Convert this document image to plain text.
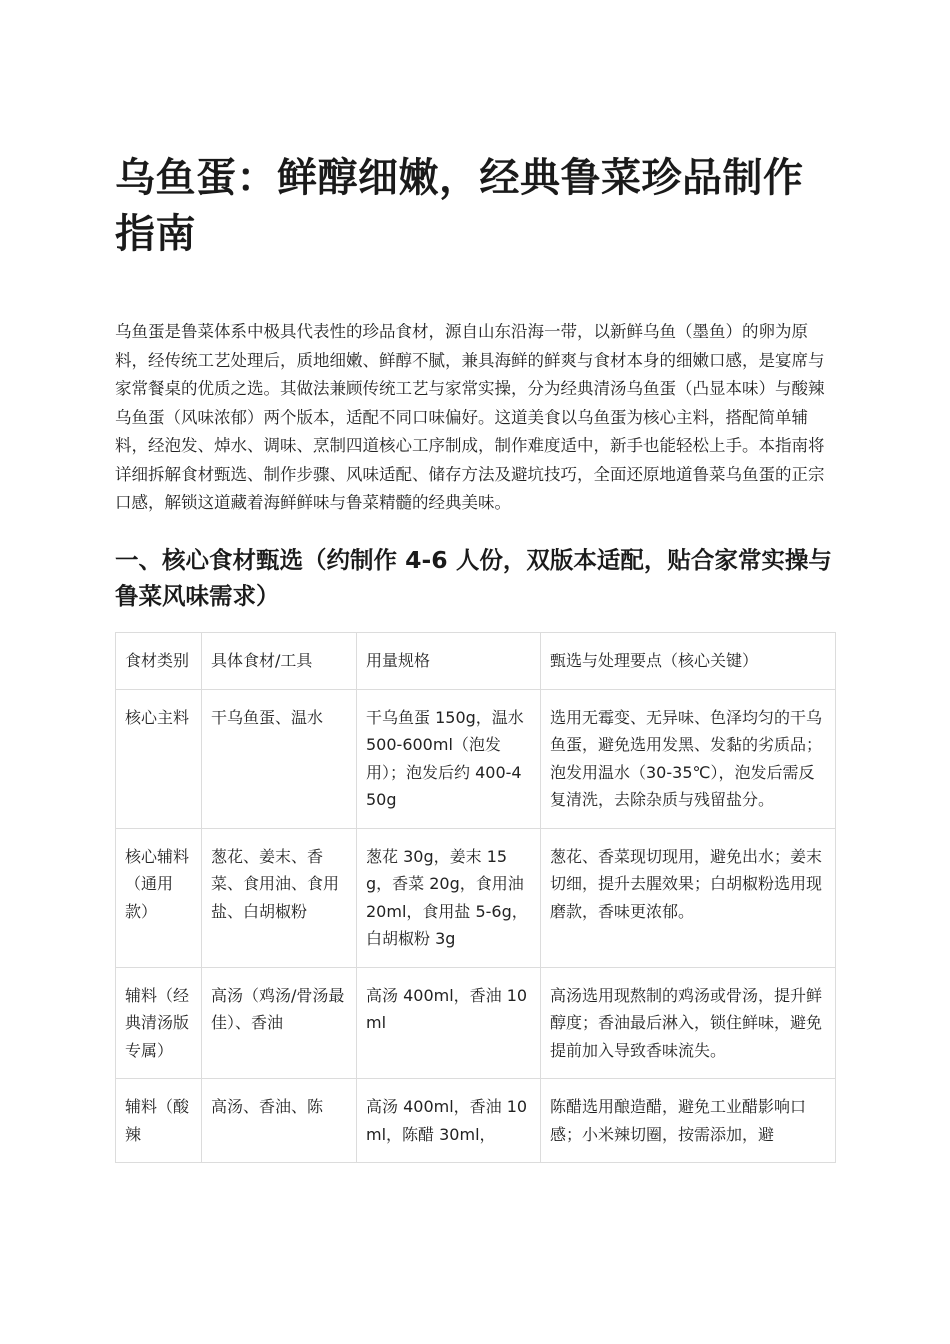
乌鱼蛋：鲜醇细嫩，经典鲁菜珍品制作指南

乌鱼蛋是鲁菜体系中极具代表性的珍品食材，源自山东沿海一带，以新鲜乌鱼（墨鱼）的卵为原料，经传统工艺处理后，质地细嫩、鲜醇不腻，兼具海鲜的鲜爽与食材本身的细嫩口感，是宴席与家常餐桌的优质之选。其做法兼顾传统工艺与家常实操，分为经典清汤乌鱼蛋（凸显本味）与酸辣乌鱼蛋（风味浓郁）两个版本，适配不同口味偏好。这道美食以乌鱼蛋为核心主料，搭配简单辅料，经泡发、焯水、调味、烹制四道核心工序制成，制作难度适中，新手也能轻松上手。本指南将详细拆解食材甄选、制作步骤、风味适配、储存方法及避坑技巧，全面还原地道鲁菜乌鱼蛋的正宗口感，解锁这道藏着海鲜鲜味与鲁菜精髓的经典美味。

一、核心食材甄选（约制作 4-6 人份，双版本适配，贴合家常实操与鲁菜风味需求）
食材类别	具体食材/工具	用量规格	甄选与处理要点（核心关键）
核心主料	干乌鱼蛋、温水	干乌鱼蛋 150g，温水 500-600ml（泡发用）；泡发后约 400-450g	选用无霉变、无异味、色泽均匀的干乌鱼蛋，避免选用发黑、发黏的劣质品；泡发用温水（30-35℃），泡发后需反复清洗，去除杂质与残留盐分。
核心辅料（通用款）	葱花、姜末、香菜、食用油、食用盐、白胡椒粉	葱花 30g，姜末 15g，香菜 20g，食用油 20ml，食用盐 5-6g，白胡椒粉 3g	葱花、香菜现切现用，避免出水；姜末切细，提升去腥效果；白胡椒粉选用现磨款，香味更浓郁。
辅料（经典清汤版专属）	高汤（鸡汤/骨汤最佳）、香油	高汤 400ml，香油 10ml	高汤选用现熬制的鸡汤或骨汤，提升鲜醇度；香油最后淋入，锁住鲜味，避免提前加入导致香味流失。
辅料（酸辣	高汤、香油、陈	高汤 400ml，香油 10ml，陈醋 30ml，	陈醋选用酿造醋，避免工业醋影响口感；小米辣切圈，按需添加，避
